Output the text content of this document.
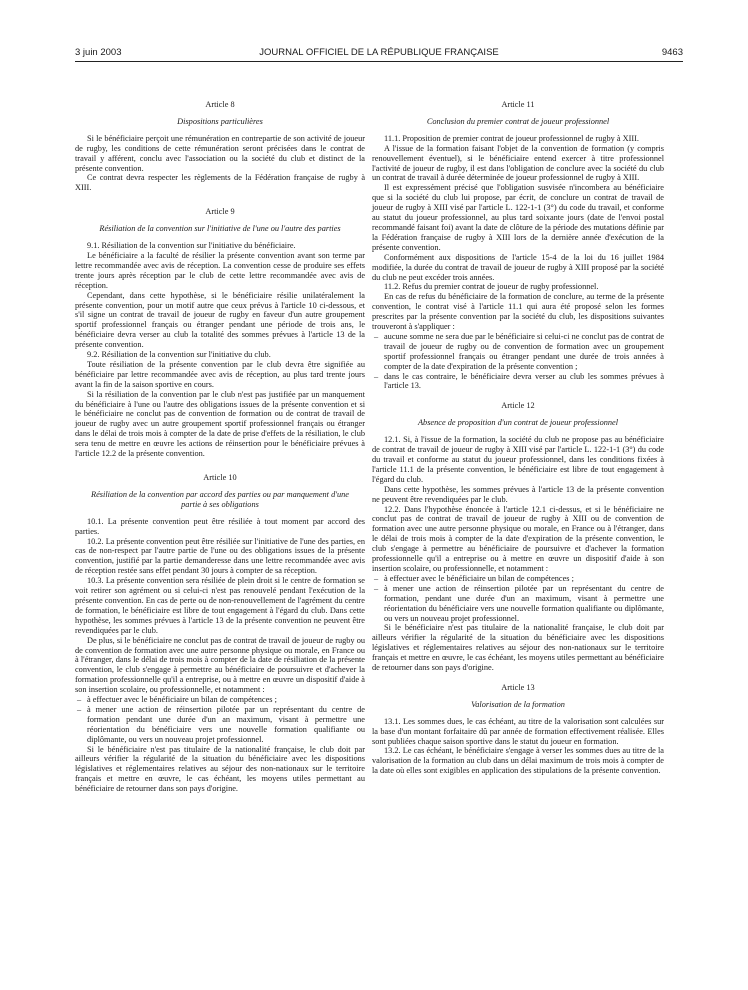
3 juin 2003	JOURNAL OFFICIEL DE LA RÉPUBLIQUE FRANÇAISE	9463
Article 8
Dispositions particulières

Si le bénéficiaire perçoit une rémunération en contrepartie de son activité de joueur de rugby, les conditions de cette rémunération seront précisées dans le contrat de travail y afférent, conclu avec l'association ou la société du club et distinct de la présente convention.

Ce contrat devra respecter les règlements de la Fédération française de rugby à XIII.

Article 9
Résiliation de la convention sur l'initiative de l'une ou l'autre des parties

9.1. Résiliation de la convention sur l'initiative du bénéficiaire.

Le bénéficiaire a la faculté de résilier la présente convention avant son terme par lettre recommandée avec avis de réception. La convention cesse de produire ses effets trente jours après réception par le club de cette lettre recommandée avec avis de réception.

Cependant, dans cette hypothèse, si le bénéficiaire résilie unilatéralement la présente convention, pour un motif autre que ceux prévus à l'article 10 ci-dessous, et s'il signe un contrat de travail de joueur de rugby en faveur d'un autre groupement sportif professionnel français ou étranger pendant une période de trois ans, le bénéficiaire devra verser au club la totalité des sommes prévues à l'article 13 de la présente convention.

9.2. Résiliation de la convention sur l'initiative du club.

Toute résiliation de la présente convention par le club devra être signifiée au bénéficiaire par lettre recommandée avec avis de réception, au plus tard trente jours avant la fin de la saison sportive en cours.

Si la résiliation de la convention par le club n'est pas justifiée par un manquement du bénéficiaire à l'une ou l'autre des obligations issues de la présente convention et si le bénéficiaire ne conclut pas de convention de formation ou de contrat de travail de joueur de rugby avec un autre groupement sportif professionnel français ou étranger dans le délai de trois mois à compter de la date de prise d'effets de la résiliation, le club sera tenu de mettre en œuvre les actions de réinsertion pour le bénéficiaire prévues à l'article 12.2 de la présente convention.

Article 10
Résiliation de la convention par accord des parties ou par manquement d'une partie à ses obligations

10.1. La présente convention peut être résiliée à tout moment par accord des parties.

10.2. La présente convention peut être résiliée sur l'initiative de l'une des parties, en cas de non-respect par l'autre partie de l'une ou des obligations issues de la présente convention, justifié par la partie demanderesse dans une lettre recommandée avec avis de réception restée sans effet pendant 30 jours à compter de sa réception.

10.3. La présente convention sera résiliée de plein droit si le centre de formation se voit retirer son agrément ou si celui-ci n'est pas renouvelé pendant l'exécution de la présente convention. En cas de perte ou de non-renouvellement de l'agrément du centre de formation, le bénéficiaire est libre de tout engagement à l'égard du club. Dans cette hypothèse, les sommes prévues à l'article 13 de la présente convention ne peuvent être revendiquées par le club.

De plus, si le bénéficiaire ne conclut pas de contrat de travail de joueur de rugby ou de convention de formation avec une autre personne physique ou morale, en France ou à l'étranger, dans le délai de trois mois à compter de la date de résiliation de la présente convention, le club s'engage à permettre au bénéficiaire de poursuivre et d'achever la formation professionnelle qu'il a entreprise, ou à mettre en œuvre un dispositif d'aide à son insertion scolaire, ou professionnelle, et notamment :

– à effectuer avec le bénéficiaire un bilan de compétences ;
– à mener une action de réinsertion pilotée par un représentant du centre de formation pendant une durée d'un an maximum, visant à permettre une réorientation du bénéficiaire vers une nouvelle formation qualifiante ou diplômante, ou vers un nouveau projet professionnel.

Si le bénéficiaire n'est pas titulaire de la nationalité française, le club doit par ailleurs vérifier la régularité de la situation du bénéficiaire avec les dispositions législatives et réglementaires relatives au séjour des non-nationaux sur le territoire français et mettre en œuvre, le cas échéant, les moyens utiles permettant au bénéficiaire de retourner dans son pays d'origine.

Article 11
Conclusion du premier contrat de joueur professionnel

11.1. Proposition de premier contrat de joueur professionnel de rugby à XIII.

A l'issue de la formation faisant l'objet de la convention de formation (y compris renouvellement éventuel), si le bénéficiaire entend exercer à titre professionnel l'activité de joueur de rugby, il est dans l'obligation de conclure avec la société du club un contrat de travail à durée déterminée de joueur professionnel de rugby à XIII.

Il est expressément précisé que l'obligation susvisée n'incombera au bénéficiaire que si la société du club lui propose, par écrit, de conclure un contrat de travail de joueur de rugby à XIII visé par l'article L. 122-1-1 (3°) du code du travail, et conforme au statut du joueur professionnel, au plus tard soixante jours (date de l'envoi postal recommandé faisant foi) avant la date de clôture de la période des mutations définie par la Fédération française de rugby à XIII lors de la dernière année d'exécution de la présente convention.

Conformément aux dispositions de l'article 15-4 de la loi du 16 juillet 1984 modifiée, la durée du contrat de travail de joueur de rugby à XIII proposé par la société du club ne peut excéder trois années.

11.2. Refus du premier contrat de joueur de rugby professionnel.

En cas de refus du bénéficiaire de la formation de conclure, au terme de la présente convention, le contrat visé à l'article 11.1 qui aura été proposé selon les formes prescrites par la présente convention par la société du club, les dispositions suivantes trouveront à s'appliquer :

– aucune somme ne sera due par le bénéficiaire si celui-ci ne conclut pas de contrat de travail de joueur de rugby ou de convention de formation avec un groupement sportif professionnel français ou étranger pendant une durée de trois années à compter de la date d'expiration de la présente convention ;
– dans le cas contraire, le bénéficiaire devra verser au club les sommes prévues à l'article 13.
Article 12
Absence de proposition d'un contrat de joueur professionnel

12.1. Si, à l'issue de la formation, la société du club ne propose pas au bénéficiaire de contrat de travail de joueur de rugby à XIII visé par l'article L. 122-1-1 (3°) du code du travail et conforme au statut du joueur professionnel, dans les conditions fixées à l'article 11.1 de la présente convention, le bénéficiaire est libre de tout engagement à l'égard du club.

Dans cette hypothèse, les sommes prévues à l'article 13 de la présente convention ne peuvent être revendiquées par le club.

12.2. Dans l'hypothèse énoncée à l'article 12.1 ci-dessus, et si le bénéficiaire ne conclut pas de contrat de travail de joueur de rugby à XIII ou de convention de formation avec une autre personne physique ou morale, en France ou à l'étranger, dans le délai de trois mois à compter de la date d'expiration de la présente convention, le club s'engage à permettre au bénéficiaire de poursuivre et d'achever la formation professionnelle qu'il a entreprise ou à mettre en œuvre un dispositif d'aide à son insertion scolaire, ou professionnelle, et notamment :

– à effectuer avec le bénéficiaire un bilan de compétences ;
– à mener une action de réinsertion pilotée par un représentant du centre de formation, pendant une durée d'un an maximum, visant à permettre une réorientation du bénéficiaire vers une nouvelle formation qualifiante ou diplômante, ou vers un nouveau projet professionnel.

Si le bénéficiaire n'est pas titulaire de la nationalité française, le club doit par ailleurs vérifier la régularité de la situation du bénéficiaire avec les dispositions législatives et réglementaires relatives au séjour des non-nationaux sur le territoire français et mettre en œuvre, le cas échéant, les moyens utiles permettant au bénéficiaire de retourner dans son pays d'origine.

Article 13
Valorisation de la formation

13.1. Les sommes dues, le cas échéant, au titre de la valorisation sont calculées sur la base d'un montant forfaitaire dû par année de formation effectivement réalisée. Elles sont publiées chaque saison sportive dans le statut du joueur en formation.

13.2. Le cas échéant, le bénéficiaire s'engage à verser les sommes dues au titre de la valorisation de la formation au club dans un délai maximum de trois mois à compter de la date où elles sont exigibles en application des stipulations de la présente convention.
